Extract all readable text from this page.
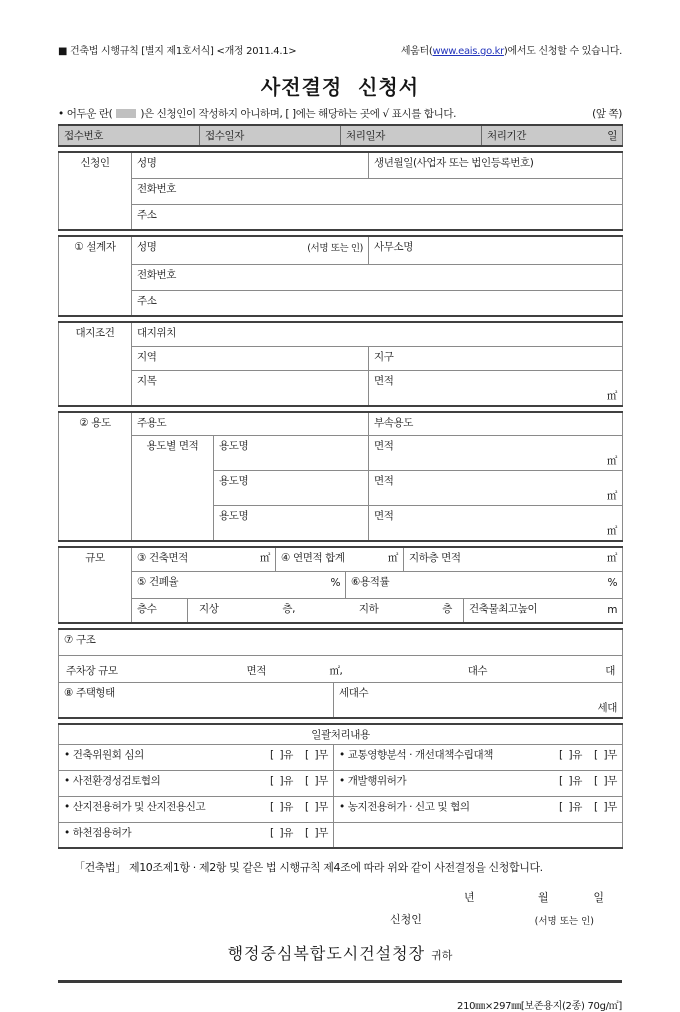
■ 건축법 시행규칙 [별지 제1호서식] <개정 2011.4.1>	세움터(www.eais.go.kr)에서도 신청할 수 있습니다.
사전결정  신청서
• 어두운 란(	)은 신청인이 작성하지 아니하며, [ ]에는 해당하는 곳에 √ 표시를 합니다.	(앞 쪽)
접수번호	접수일자	처리일자	처리기간	일
신청인	성명	생년월일(사업자 또는 법인등록번호)
전화번호
주소
① 설계자	성명	(서명 또는 인)	사무소명
전화번호
주소
대지조건	대지위치	
	지역	지구
	지목	면적
㎡
② 용도	주용도		부속용도
	용도별 면적	용도명	면적
㎡

		용도명	면적
㎡

		용도명	면적
㎡
규모	③ 건축면적 ㎡		④ 연면적 합계 ㎡		지하층 면적 ㎡	

	⑤ 건폐율 %			⑥용적률 %		

	층수	지상 층, 지하 층				건축물최고높이 m
⑦ 구조

주차장 규모	면적	㎡,	대수	대

⑧ 주택형태	세대수
세대
일괄처리내용	

• 건축위원회 심의 [  ]유 [  ]무	• 교통영향분석 · 개선대책수립대책 [  ]유 [  ]무

• 사전환경성검토협의 [  ]유 [  ]무	• 개발행위허가 [  ]유 [  ]무

• 산지전용허가 및 산지전용신고 [  ]유 [  ]무	• 농지전용허가 · 신고 및 협의 [  ]유 [  ]무

• 하천점용허가 [  ]유 [  ]무	

「건축법」 제10조제1항 · 제2항 및 같은 법 시행규칙 제4조에 따라 위와 같이 사전결정을 신청합니다.
년	월	일
신청인	(서명 또는 인)
행정중심복합도시건설청장 귀하
210㎜×297㎜[보존용지(2종) 70g/㎡]
